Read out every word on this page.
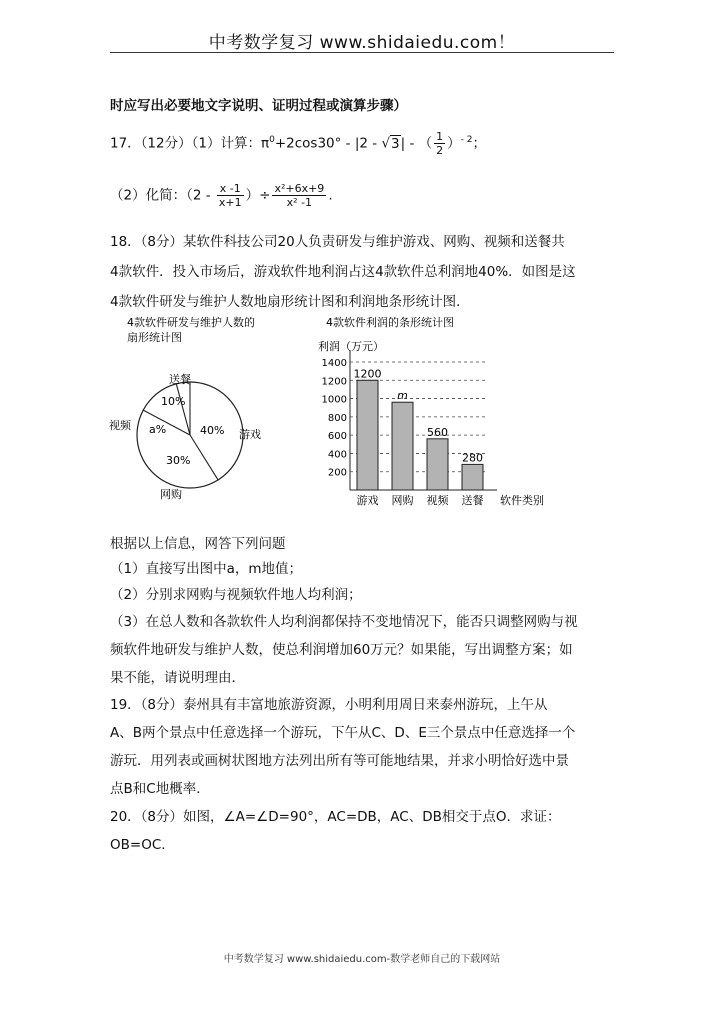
中考数学复习 www.shidaiedu.com！
时应写出必要地文字说明、证明过程或演算步骤）
17．（12分）（1）计算：$\pi^0+2\cos 30^\circ - |2 - √3|$ - （ $\frac{1}{2} )^{- 2}$；
（2）化简：（$2 - \frac{x -1}{x+1}$ ）÷ $\frac{\text{x²+6x+9}}{\text{x² -1}}$ .
18．（8分）某软件科技公司20人负责研发与维护游戏、网购、视频和送餐共
4款软件．投入市场后，游戏软件地利润占这4款软件总利润地40%．如图是这
4款软件研发与维护人数地扇形统计图和利润地条形统计图．
4款软件研发与维护人数的
扇形统计图
送餐
视频
游戏
网购
40%
30%
a%
10%
4款软件利润的条形统计图
利润（万元）
软件类别
200
400
600
800
1000
1200
1400
1200
游戏
m
网购
560
视频
280
送餐
根据以上信息，网答下列问题
（1）直接写出图中a，m地值；
（2）分别求网购与视频软件地人均利润；
（3）在总人数和各款软件人均利润都保持不变地情况下，能否只调整网购与视
频软件地研发与维护人数，使总利润增加60万元？如果能，写出调整方案；如
果不能，请说明理由．
19．（8分）泰州具有丰富地旅游资源，小明利用周日来泰州游玩，上午从
A、B两个景点中任意选择一个游玩，下午从C、D、E三个景点中任意选择一个
游玩．用列表或画树状图地方法列出所有等可能地结果，并求小明恰好选中景
点B和C地概率．
20．（8分）如图，∠A=∠D=90°，AC=DB，AC、DB相交于点O．求证：
OB=OC.
中考数学复习 www.shidaiedu.com-数学老师自己的下载网站
